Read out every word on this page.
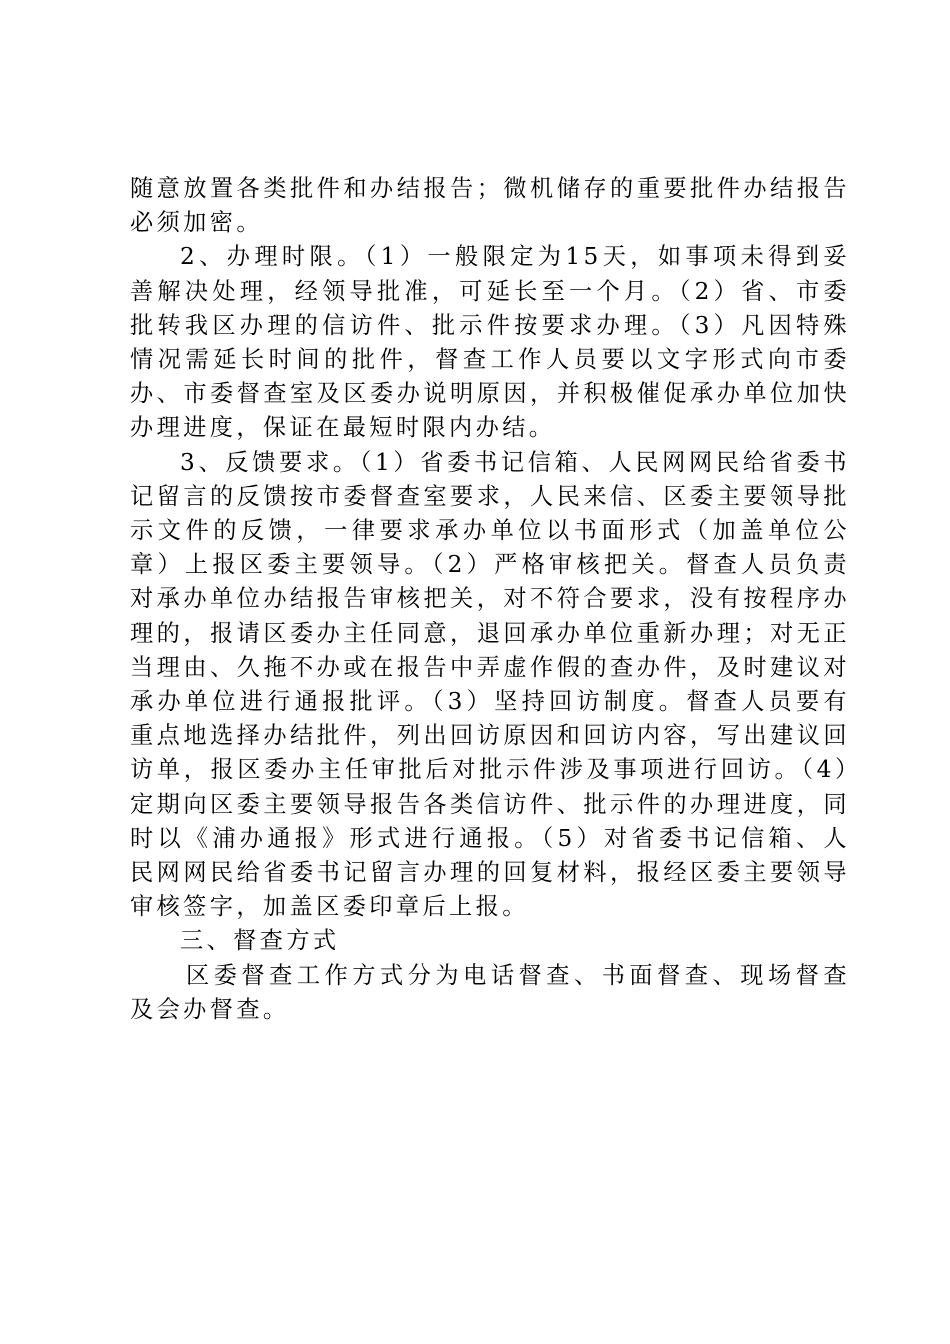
随意放置各类批件和办结报告；微机储存的重要批件办结报告必须加密。

2、办理时限。（1）一般限定为15天，如事项未得到妥善解决处理，经领导批准，可延长至一个月。（2）省、市委批转我区办理的信访件、批示件按要求办理。（3）凡因特殊情况需延长时间的批件，督查工作人员要以文字形式向市委办、市委督查室及区委办说明原因，并积极催促承办单位加快办理进度，保证在最短时限内办结。

3、反馈要求。（1）省委书记信箱、人民网网民给省委书记留言的反馈按市委督查室要求，人民来信、区委主要领导批示文件的反馈，一律要求承办单位以书面形式（加盖单位公章）上报区委主要领导。（2）严格审核把关。督查人员负责对承办单位办结报告审核把关，对不符合要求，没有按程序办理的，报请区委办主任同意，退回承办单位重新办理；对无正当理由、久拖不办或在报告中弄虚作假的查办件，及时建议对承办单位进行通报批评。（3）坚持回访制度。督查人员要有重点地选择办结批件，列出回访原因和回访内容，写出建议回访单，报区委办主任审批后对批示件涉及事项进行回访。（4）定期向区委主要领导报告各类信访件、批示件的办理进度，同时以《浦办通报》形式进行通报。（5）对省委书记信箱、人民网网民给省委书记留言办理的回复材料，报经区委主要领导审核签字，加盖区委印章后上报。

三、督查方式

区委督查工作方式分为电话督查、书面督查、现场督查及会办督查。
